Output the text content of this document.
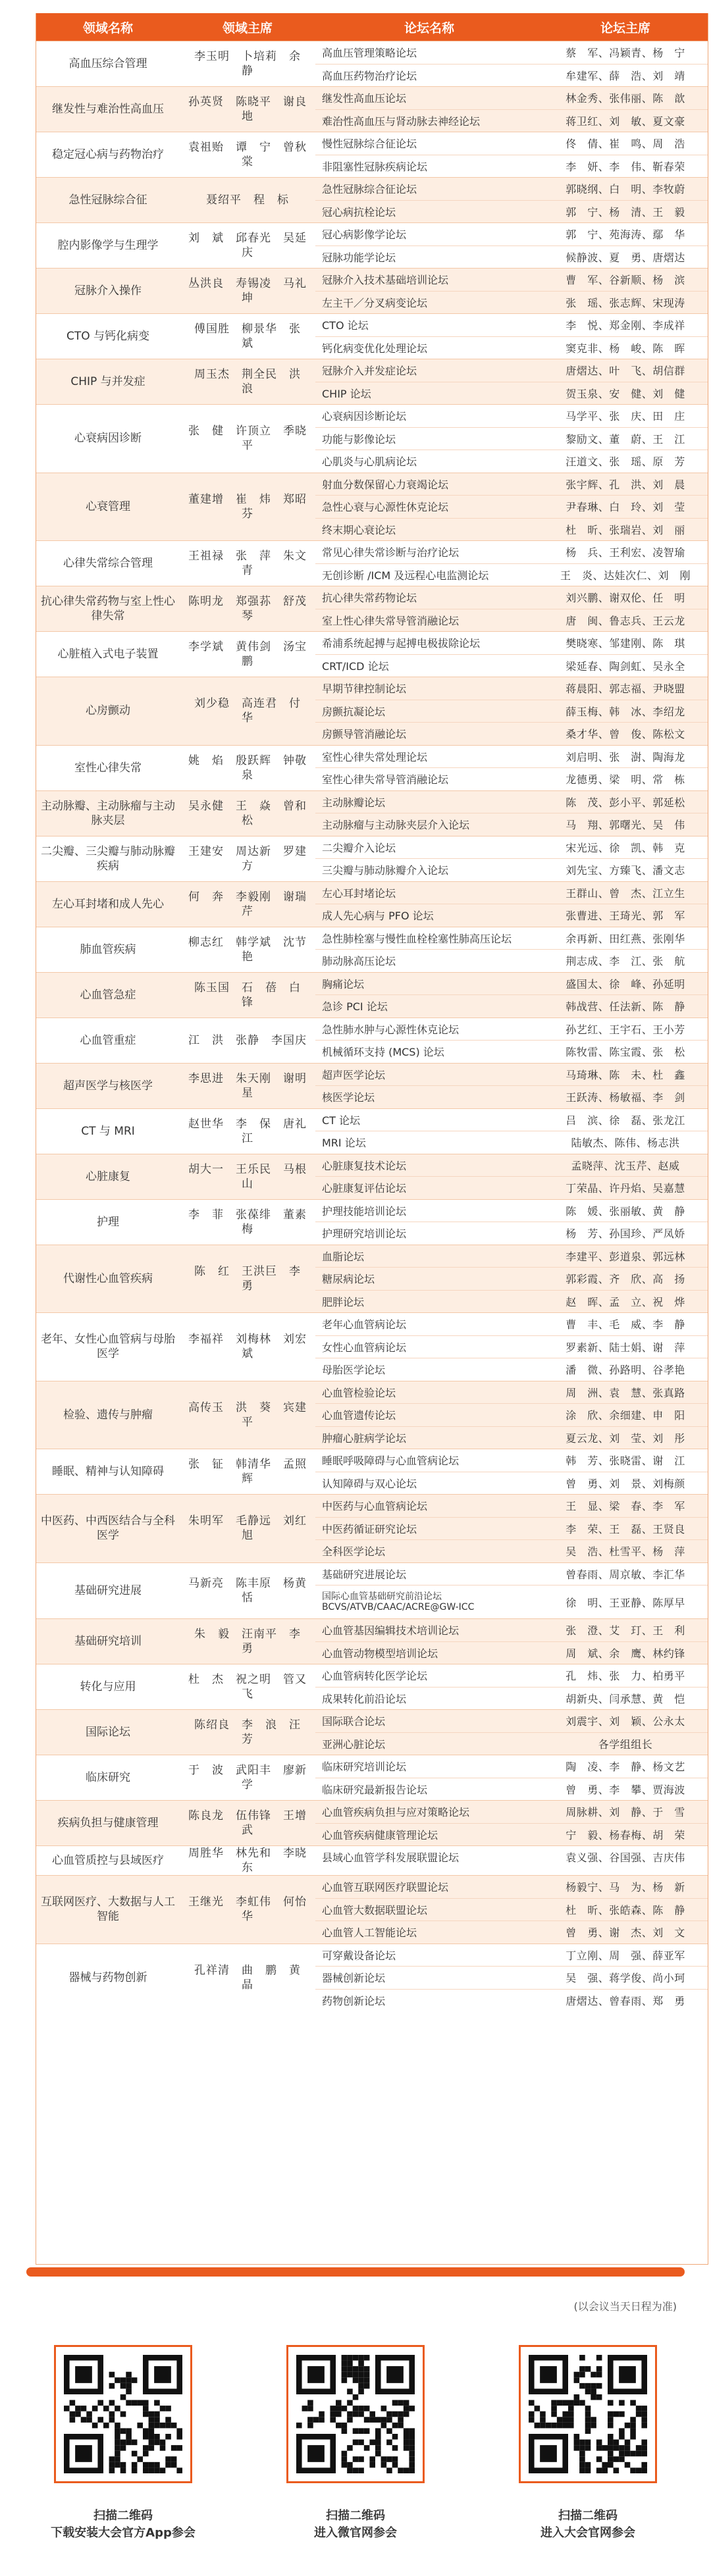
领域名称	领域主席	论坛名称	论坛主席
高血压综合管理
李玉明　卜培莉　余　静
高血压管理策略论坛	蔡　军、冯颖青、杨　宁
高血压药物治疗论坛	牟建军、薛　浩、刘　靖
继发性与难治性高血压
孙英贤　陈晓平　谢良地
继发性高血压论坛	林金秀、张伟丽、陈　歆
难治性高血压与肾动脉去神经论坛	蒋卫红、刘　敏、夏文豪
稳定冠心病与药物治疗
袁祖贻　谭　宁　曾秋棠
慢性冠脉综合征论坛	佟　倩、崔　鸣、周　浩
非阻塞性冠脉疾病论坛	李　妍、李　伟、靳春荣
急性冠脉综合征	聂绍平　程　标
急性冠脉综合征论坛	郭晓纲、白　明、李牧蔚
冠心病抗栓论坛	郭　宁、杨　清、王　毅
腔内影像学与生理学
刘　斌　邱春光　吴延庆
冠心病影像学论坛	郭　宁、苑海涛、鄢　华
冠脉功能学论坛	候静波、夏　勇、唐熠达
冠脉介入操作
丛洪良　寿锡凌　马礼坤
冠脉介入技术基础培训论坛	曹　军、谷新顺、杨　滨
左主干／分叉病变论坛	张　瑶、张志辉、宋现涛
CTO 与钙化病变
傅国胜　柳景华　张　斌
CTO 论坛	李　悦、郑金刚、李成祥
钙化病变优化处理论坛	窦克非、杨　峻、陈　晖
CHIP 与并发症
周玉杰　荆全民　洪　浪
冠脉介入并发症论坛	唐熠达、叶　飞、胡信群
CHIP 论坛	贺玉泉、安　健、刘　健
心衰病因诊断
张　健　许顶立　季晓平
心衰病因诊断论坛	马学平、张　庆、田　庄
功能与影像论坛	黎励文、董　蔚、王　江
心肌炎与心肌病论坛	汪道文、张　瑶、原　芳
心衰管理
董建增　崔　炜　郑昭芬
射血分数保留心力衰竭论坛	张宇辉、孔　洪、刘　晨
急性心衰与心源性休克论坛	尹春琳、白　玲、刘　莹
终末期心衰论坛	杜　昕、张瑞岩、刘　丽
心律失常综合管理
王祖禄　张　萍　朱文青
常见心律失常诊断与治疗论坛	杨　兵、王利宏、凌智瑜
无创诊断 /ICM 及远程心电监测论坛	王　炎、达娃次仁、刘　刚
抗心律失常药物与室上性心律失常
陈明龙　郑强荪　舒茂琴
抗心律失常药物论坛	刘兴鹏、谢双伦、任　明
室上性心律失常导管消融论坛	唐　闽、鲁志兵、王云龙
心脏植入式电子装置
李学斌　黄伟剑　汤宝鹏
希浦系统起搏与起搏电极拔除论坛	樊晓寒、邹建刚、陈　琪
CRT/ICD 论坛	梁延春、陶剑虹、吴永全
心房颤动
刘少稳　高连君　付　华
早期节律控制论坛	蒋晨阳、郭志福、尹晓盟
房颤抗凝论坛	薛玉梅、韩　冰、李绍龙
房颤导管消融论坛	桑才华、曾　俊、陈松文
室性心律失常
姚　焰　殷跃辉　钟敬泉
室性心律失常处理论坛	刘启明、张　澍、陶海龙
室性心律失常导管消融论坛	龙德勇、梁　明、常　栋
主动脉瓣、主动脉瘤与主动脉夹层
吴永健　王　焱　曾和松
主动脉瓣论坛	陈　茂、彭小平、郭延松
主动脉瘤与主动脉夹层介入论坛	马　翔、郭曙光、吴　伟
二尖瓣、三尖瓣与肺动脉瓣疾病
王建安　周达新　罗建方
二尖瓣介入论坛	宋光远、徐　凯、韩　克
三尖瓣与肺动脉瓣介入论坛	刘先宝、方臻飞、潘文志
左心耳封堵和成人先心
何　奔　李毅刚　谢瑞芹
左心耳封堵论坛	王群山、曾　杰、江立生
成人先心病与 PFO 论坛	张曹进、王琦光、郭　军
肺血管疾病
柳志红　韩学斌　沈节艳
急性肺栓塞与慢性血栓栓塞性肺高压论坛	余再新、田红燕、张刚华
肺动脉高压论坛	荆志成、李　江、张　航
心血管急症
陈玉国　石　蓓　白　锋
胸痛论坛	盛国太、徐　峰、孙延明
急诊 PCI 论坛	韩战营、任法新、陈　静
心血管重症	江　洪　张静　李国庆
急性肺水肿与心源性休克论坛	孙艺红、王宇石、王小芳
机械循环支持 (MCS) 论坛	陈牧雷、陈宝霞、张　松
超声医学与核医学
李思进　朱天刚　谢明星
超声医学论坛	马琦琳、陈　未、杜　鑫
核医学论坛	王跃涛、杨敏福、李　剑
CT 与 MRI
赵世华　李　保　唐礼江
CT 论坛	吕　滨、徐　磊、张龙江
MRI 论坛	陆敏杰、陈伟、杨志洪
心脏康复
胡大一　王乐民　马根山
心脏康复技术论坛	孟晓萍、沈玉芹、赵威
心脏康复评估论坛	丁荣晶、许丹焰、吴嘉慧
护理
李　菲　张葆绯　董素梅
护理技能培训论坛	陈　媛、张丽敏、黄　静
护理研究培训论坛	杨　芳、孙国珍、严凤娇
代谢性心血管疾病
陈　红　王洪巨　李　勇
血脂论坛	李建平、彭道泉、郭远林
糖尿病论坛	郭彩霞、齐　欣、高　扬
肥胖论坛	赵　晖、孟　立、祝　烨
老年、女性心血管病与母胎医学
李福祥　刘梅林　刘宏斌
老年心血管病论坛	曹　丰、毛　威、李　静
女性心血管病论坛	罗素新、陆士娟、谢　萍
母胎医学论坛	潘　微、孙路明、谷孝艳
检验、遗传与肿瘤
高传玉　洪　葵　宾建平
心血管检验论坛	周　洲、袁　慧、张真路
心血管遗传论坛	涂　欣、余细建、申　阳
肿瘤心脏病学论坛	夏云龙、刘　莹、刘　彤
睡眠、精神与认知障碍
张　钲　韩清华　孟照辉
睡眠呼吸障碍与心血管病论坛	韩　芳、张晓雷、谢　江
认知障碍与双心论坛	曾　勇、刘　景、刘梅颜
中医药、中西医结合与全科医学
朱明军　毛静远　刘红旭
中医药与心血管病论坛	王　显、梁　春、李　军
中医药循证研究论坛	李　荣、王　磊、王贤良
全科医学论坛	吴　浩、杜雪平、杨　萍
基础研究进展
马新亮　陈丰原　杨黄恬
基础研究进展论坛	曾春雨、周京敏、李汇华
国际心血管基础研究前沿论坛 BCVS/ATVB/CAAC/ACRE@GW-ICC	徐　明、王亚静、陈厚早
基础研究培训
朱　毅　汪南平　李　勇
心血管基因编辑技术培训论坛	张　澄、艾　玎、王　利
心血管动物模型培训论坛	周　斌、余　鹰、林约锋
转化与应用
杜　杰　祝之明　管又飞
心血管病转化医学论坛	孔　炜、张　力、柏勇平
成果转化前沿论坛	胡新央、闫承慧、黄　恺
国际论坛
陈绍良　李　浪　汪　芳
国际联合论坛	刘震宇、刘　颖、公永太
亚洲心脏论坛	各学组组长
临床研究
于　波　武阳丰　廖新学
临床研究培训论坛	陶　凌、李　静、杨文艺
临床研究最新报告论坛	曾　勇、李　攀、贾海波
疾病负担与健康管理
陈良龙　伍伟锋　王增武
心血管疾病负担与应对策略论坛	周脉耕、刘　静、于　雪
心血管疾病健康管理论坛	宁　毅、杨春梅、胡　荣
心血管质控与县域医疗
周胜华　林先和　李晓东
县域心血管学科发展联盟论坛	袁义强、谷国强、吉庆伟
互联网医疗、大数据与人工智能
王继光　李虹伟　何怡华
心血管互联网医疗联盟论坛	杨毅宁、马　为、杨　新
心血管大数据联盟论坛	杜　昕、张皓森、陈　静
心血管人工智能论坛	曾　勇、谢　杰、刘　文
器械与药物创新
孔祥清　曲　鹏　黄　晶
可穿戴设备论坛	丁立刚、周　强、薛亚军
器械创新论坛	吴　强、蒋学俊、尚小珂
药物创新论坛	唐熠达、曾春雨、郑　勇
(以会议当天日程为准)
扫描二维码
下载安装大会官方App参会
扫描二维码
进入微官网参会
扫描二维码
进入大会官网参会
